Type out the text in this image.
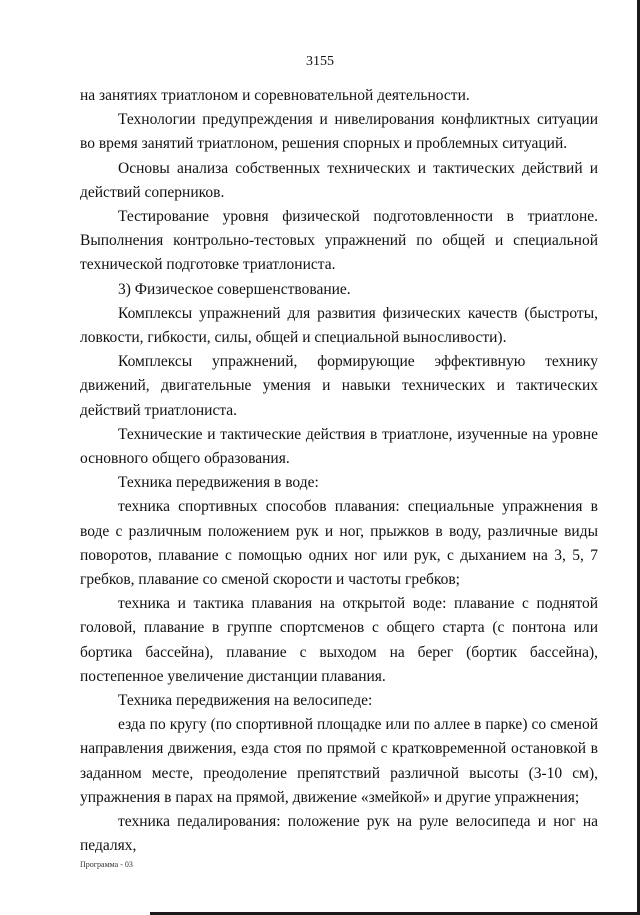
3155

на занятиях триатлоном и соревновательной деятельности.

Технологии предупреждения и нивелирования конфликтных ситуации во время занятий триатлоном, решения спорных и проблемных ситуаций.

Основы анализа собственных технических и тактических действий и действий соперников.

Тестирование уровня физической подготовленности в триатлоне. Выполнения контрольно-тестовых упражнений по общей и специальной технической подготовке триатлониста.

3) Физическое совершенствование.

Комплексы упражнений для развития физических качеств (быстроты, ловкости, гибкости, силы, общей и специальной выносливости).

Комплексы упражнений, формирующие эффективную технику движений, двигательные умения и навыки технических и тактических действий триатлониста.

Технические и тактические действия в триатлоне, изученные на уровне основного общего образования.

Техника передвижения в воде:

техника спортивных способов плавания: специальные упражнения в воде с различным положением рук и ног, прыжков в воду, различные виды поворотов, плавание с помощью одних ног или рук, с дыханием на 3, 5, 7 гребков, плавание со сменой скорости и частоты гребков;

техника и тактика плавания на открытой воде: плавание с поднятой головой, плавание в группе спортсменов с общего старта (с понтона или бортика бассейна), плавание с выходом на берег (бортик бассейна), постепенное увеличение дистанции плавания.

Техника передвижения на велосипеде:

езда по кругу (по спортивной площадке или по аллее в парке) со сменой направления движения, езда стоя по прямой с кратковременной остановкой в заданном месте, преодоление препятствий различной высоты (3-10 см), упражнения в парах на прямой, движение «змейкой» и другие упражнения;

техника педалирования: положение рук на руле велосипеда и ног на педалях,

Программа - 03
